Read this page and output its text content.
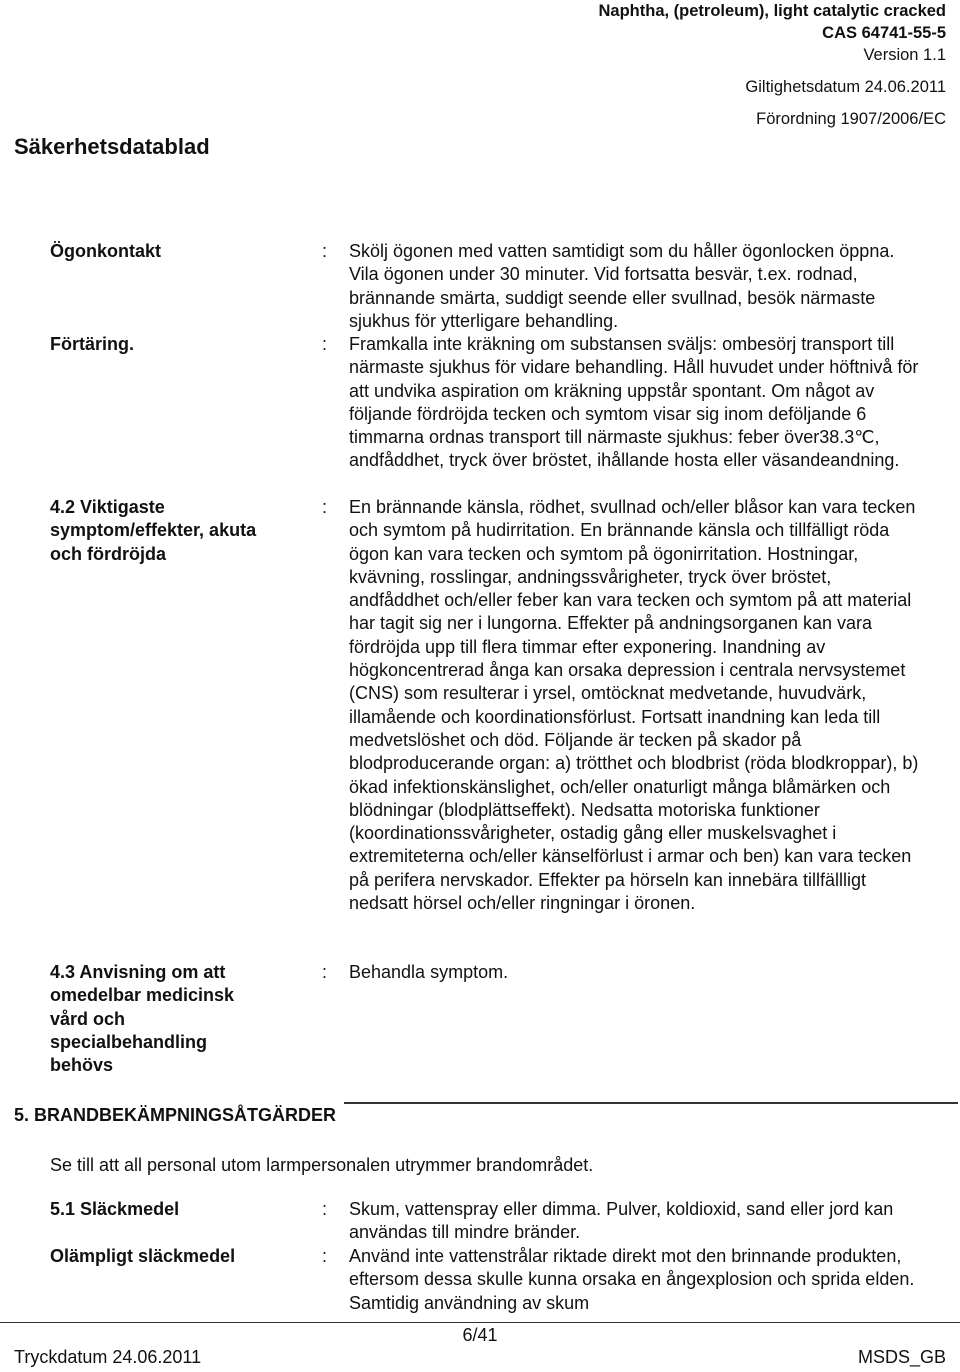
Naphtha, (petroleum), light catalytic cracked
CAS 64741-55-5
Version 1.1
Giltighetsdatum 24.06.2011
Förordning 1907/2006/EC
Säkerhetsdatablad
Ögonkontakt	: Skölj ögonen med vatten samtidigt som du håller ögonlocken öppna. Vila ögonen under 30 minuter. Vid fortsatta besvär, t.ex. rodnad, brännande smärta, suddigt seende eller svullnad, besök närmaste sjukhus för ytterligare behandling.
Förtäring.	: Framkalla inte kräkning om substansen sväljs: ombesörj transport till närmaste sjukhus för vidare behandling. Håll huvudet under höftnivå för att undvika aspiration om kräkning uppstår spontant. Om något av följande fördröjda tecken och symtom visar sig inom deföljande 6 timmarna ordnas transport till närmaste sjukhus: feber över38.3℃, andfåddhet, tryck över bröstet, ihållande hosta eller väsandeandning.
4.2 Viktigaste symptom/effekter, akuta och fördröjda
: En brännande känsla, rödhet, svullnad och/eller blåsor kan vara tecken och symtom på hudirritation. En brännande känsla och tillfälligt röda ögon kan vara tecken och symtom på ögonirritation. Hostningar, kvävning, rosslingar, andningssvårigheter, tryck över bröstet, andfåddhet och/eller feber kan vara tecken och symtom på att material har tagit sig ner i lungorna. Effekter på andningsorganen kan vara fördröjda upp till flera timmar efter exponering. Inandning av högkoncentrerad ånga kan orsaka depression i centrala nervsystemet (CNS) som resulterar i yrsel, omtöcknat medvetande, huvudvärk, illamående och koordinationsförlust. Fortsatt inandning kan leda till medvetslöshet och död. Följande är tecken på skador på blodproducerande organ: a) trötthet och blodbrist (röda blodkroppar), b) ökad infektionskänslighet, och/eller onaturligt många blåmärken och blödningar (blodplättseffekt). Nedsatta motoriska funktioner (koordinationssvårigheter, ostadig gång eller muskelsvaghet i extremiteterna och/eller känselförlust i armar och ben) kan vara tecken på perifera nervskador. Effekter pa hörseln kan innebära tillfällligt nedsatt hörsel och/eller ringningar i öronen.
4.3 Anvisning om att omedelbar medicinsk vård och specialbehandling behövs
: Behandla symptom.
5. BRANDBEKÄMPNINGSÅTGÄRDER
Se till att all personal utom larmpersonalen utrymmer brandområdet.
5.1 Släckmedel	: Skum, vattenspray eller dimma. Pulver, koldioxid, sand eller jord kan användas till mindre bränder.
Olämpligt släckmedel	: Använd inte vattenstrålar riktade direkt mot den brinnande produkten, eftersom dessa skulle kunna orsaka en ångexplosion och sprida elden. Samtidig användning av skum
6/41
Tryckdatum 24.06.2011	MSDS_GB
